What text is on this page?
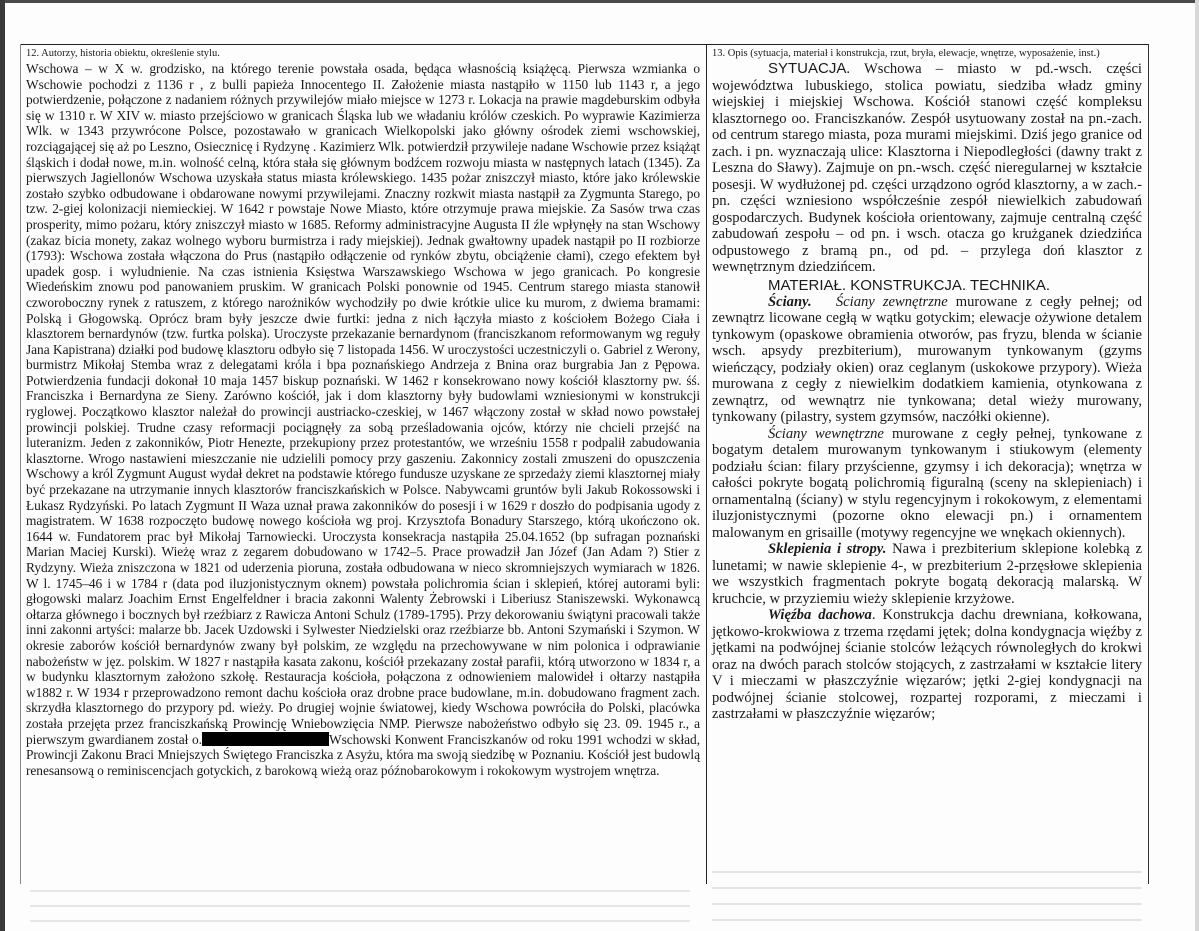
12. Autorzy, historia obiektu, określenie stylu.

Wschowa – w X w. grodzisko, na którego terenie powstała osada, będąca własnością książęcą. Pierwsza wzmianka o Wschowie pochodzi z 1136 r , z bulli papieża Innocentego II. Założenie miasta nastąpiło w 1150 lub 1143 r, a jego potwierdzenie, połączone z nadaniem różnych przywilejów miało miejsce w 1273 r. Lokacja na prawie magdeburskim odbyła się w 1310 r. W XIV w. miasto przejściowo w granicach Śląska lub we władaniu królów czeskich. Po wyprawie Kazimierza Wlk. w 1343 przywrócone Polsce, pozostawało w granicach Wielkopolski jako główny ośrodek ziemi wschowskiej, rozciągającej się aż po Leszno, Osiecznicę i Rydzynę . Kazimierz Wlk. potwierdził przywileje nadane Wschowie przez książąt śląskich i dodał nowe, m.in. wolność celną, która stała się głównym bodźcem rozwoju miasta w następnych latach (1345). Za pierwszych Jagiellonów Wschowa uzyskała status miasta królewskiego. 1435 pożar zniszczył miasto, które jako królewskie zostało szybko odbudowane i obdarowane nowymi przywilejami. Znaczny rozkwit miasta nastąpił za Zygmunta Starego, po tzw. 2-giej kolonizacji niemieckiej. W 1642 r powstaje Nowe Miasto, które otrzymuje prawa miejskie. Za Sasów trwa czas prosperity, mimo pożaru, który zniszczył miasto w 1685. Reformy administracyjne Augusta II źle wpłynęły na stan Wschowy (zakaz bicia monety, zakaz wolnego wyboru burmistrza i rady miejskiej). Jednak gwałtowny upadek nastąpił po II rozbiorze (1793): Wschowa została włączona do Prus (nastąpiło odłączenie od rynków zbytu, obciążenie cłami), czego efektem był upadek gosp. i wyludnienie. Na czas istnienia Księstwa Warszawskiego Wschowa w jego granicach. Po kongresie Wiedeńskim znowu pod panowaniem pruskim. W granicach Polski ponownie od 1945. Centrum starego miasta stanowił czworoboczny rynek z ratuszem, z którego narożników wychodziły po dwie krótkie ulice ku murom, z dwiema bramami: Polską i Głogowską. Oprócz bram były jeszcze dwie furtki: jedna z nich łączyła miasto z kościołem Bożego Ciała i klasztorem bernardynów (tzw. furtka polska). Uroczyste przekazanie bernardynom (franciszkanom reformowanym wg reguły Jana Kapistrana) działki pod budowę klasztoru odbyło się 7 listopada 1456. W uroczystości uczestniczyli o. Gabriel z Werony, burmistrz Mikołaj Stemba wraz z delegatami króla i bpa poznańskiego Andrzeja z Bnina oraz burgrabia Jan z Pępowa. Potwierdzenia fundacji dokonał 10 maja 1457 biskup poznański. W 1462 r konsekrowano nowy kościół klasztorny pw. śś. Franciszka i Bernardyna ze Sieny. Zarówno kościół, jak i dom klasztorny były budowlami wzniesionymi w konstrukcji ryglowej. Początkowo klasztor należał do prowincji austriacko-czeskiej, w 1467 włączony został w skład nowo powstałej prowincji polskiej. Trudne czasy reformacji pociągnęły za sobą prześladowania ojców, którzy nie chcieli przejść na luteranizm. Jeden z zakonników, Piotr Henezte, przekupiony przez protestantów, we wrześniu 1558 r podpalił zabudowania klasztorne. Wrogo nastawieni mieszczanie nie udzielili pomocy przy gaszeniu. Zakonnicy zostali zmuszeni do opuszczenia Wschowy a król Zygmunt August wydał dekret na podstawie którego fundusze uzyskane ze sprzedaży ziemi klasztornej miały być przekazane na utrzymanie innych klasztorów franciszkańskich w Polsce. Nabywcami gruntów byli Jakub Rokossowski i Łukasz Rydzyński. Po latach Zygmunt II Waza uznał prawa zakonników do posesji i w 1629 r doszło do podpisania ugody z magistratem. W 1638 rozpoczęto budowę nowego kościoła wg proj. Krzysztofa Bonadury Starszego, którą ukończono ok. 1644 w. Fundatorem prac był Mikołaj Tarnowiecki. Uroczysta konsekracja nastąpiła 25.04.1652 (bp sufragan poznański Marian Maciej Kurski). Wieżę wraz z zegarem dobudowano w 1742–5. Prace prowadził Jan Józef (Jan Adam ?) Stier z Rydzyny. Wieża zniszczona w 1821 od uderzenia pioruna, została odbudowana w nieco skromniejszych wymiarach w 1826. W l. 1745–46 i w 1784 r (data pod iluzjonistycznym oknem) powstała polichromia ścian i sklepień, której autorami byli: głogowski malarz Joachim Ernst Engelfeldner i bracia zakonni Walenty Żebrowski i Liberiusz Staniszewski. Wykonawcą ołtarza głównego i bocznych był rzeźbiarz z Rawicza Antoni Schulz (1789-1795). Przy dekorowaniu świątyni pracowali także inni zakonni artyści: malarze bb. Jacek Uzdowski i Sylwester Niedzielski oraz rzeźbiarze bb. Antoni Szymański i Szymon. W okresie zaborów kościół bernardynów zwany był polskim, ze względu na przechowywane w nim polonica i odprawianie nabożeństw w jęz. polskim. W 1827 r nastąpiła kasata zakonu, kościół przekazany został parafii, którą utworzono w 1834 r, a w budynku klasztornym założono szkołę. Restauracja kościoła, połączona z odnowieniem malowideł i ołtarzy nastąpiła w1882 r. W 1934 r przeprowadzono remont dachu kościoła oraz drobne prace budowlane, m.in. dobudowano fragment zach. skrzydła klasztornego do przypory pd. wieży. Po drugiej wojnie światowej, kiedy Wschowa powróciła do Polski, placówka została przejęta przez franciszkańską Prowincję Wniebowzięcia NMP. Pierwsze nabożeństwo odbyło się 23. 09. 1945 r., a pierwszym gwardianem został o.	Wschowski Konwent Franciszkanów od roku 1991 wchodzi w skład, Prowincji Zakonu Braci Mniejszych Świętego Franciszka z Asyżu, która ma swoją siedzibę w Poznaniu. Kościół jest budowlą renesansową o reminiscencjach gotyckich, z barokową wieżą oraz późnobarokowym i rokokowym wystrojem wnętrza.

13. Opis (sytuacja, materiał i konstrukcja, rzut, bryła, elewacje, wnętrze, wyposażenie, inst.)

SYTUACJA. Wschowa – miasto w pd.-wsch. części województwa lubuskiego, stolica powiatu, siedziba władz gminy wiejskiej i miejskiej Wschowa. Kościół stanowi część kompleksu klasztornego oo. Franciszkanów. Zespół usytuowany został na pn.-zach. od centrum starego miasta, poza murami miejskimi. Dziś jego granice od zach. i pn. wyznaczają ulice: Klasztorna i Niepodległości (dawny trakt z Leszna do Sławy). Zajmuje on pn.-wsch. część nieregularnej w kształcie posesji. W wydłużonej pd. części urządzono ogród klasztorny, a w zach.-pn. części wzniesiono współcześnie zespół niewielkich zabudowań gospodarczych. Budynek kościoła orientowany, zajmuje centralną część zabudowań zespołu – od pn. i wsch. otacza go krużganek dziedzińca odpustowego z bramą pn., od pd. – przylega doń klasztor z wewnętrznym dziedzińcem.

MATERIAŁ. KONSTRUKCJA. TECHNIKA.

Ściany. Ściany zewnętrzne murowane z cegły pełnej; od zewnątrz licowane cegłą w wątku gotyckim; elewacje ożywione detalem tynkowym (opaskowe obramienia otworów, pas fryzu, blenda w ścianie wsch. apsydy prezbiterium), murowanym tynkowanym (gzyms wieńczący, podziały okien) oraz ceglanym (uskokowe przypory). Wieża murowana z cegły z niewielkim dodatkiem kamienia, otynkowana z zewnątrz, od wewnątrz nie tynkowana; detal wieży murowany, tynkowany (pilastry, system gzymsów, naczółki okienne).

Ściany wewnętrzne murowane z cegły pełnej, tynkowane z bogatym detalem murowanym tynkowanym i stiukowym (elementy podziału ścian: filary przyścienne, gzymsy i ich dekoracja); wnętrza w całości pokryte bogatą polichromią figuralną (sceny na sklepieniach) i ornamentalną (ściany) w stylu regencyjnym i rokokowym, z elementami iluzjonistycznymi (pozorne okno elewacji pn.) i ornamentem malowanym en grisaille (motywy regencyjne we wnękach okiennych).

Sklepienia i stropy. Nawa i prezbiterium sklepione kolebką z lunetami; w nawie sklepienie 4-, w prezbiterium 2-przęsłowe sklepienia we wszystkich fragmentach pokryte bogatą dekoracją malarską. W kruchcie, w przyziemiu wieży sklepienie krzyżowe.

Więźba dachowa. Konstrukcja dachu drewniana, kołkowana, jętkowo-krokwiowa z trzema rzędami jętek; dolna kondygnacja więźby z jętkami na podwójnej ścianie stolców leżących równoległych do krokwi oraz na dwóch parach stolców stojących, z zastrzałami w kształcie litery V i mieczami w płaszczyźnie więzarów; jętki 2-giej kondygnacji na podwójnej ścianie stolcowej, rozpartej rozporami, z mieczami i zastrzałami w płaszczyźnie więzarów;
